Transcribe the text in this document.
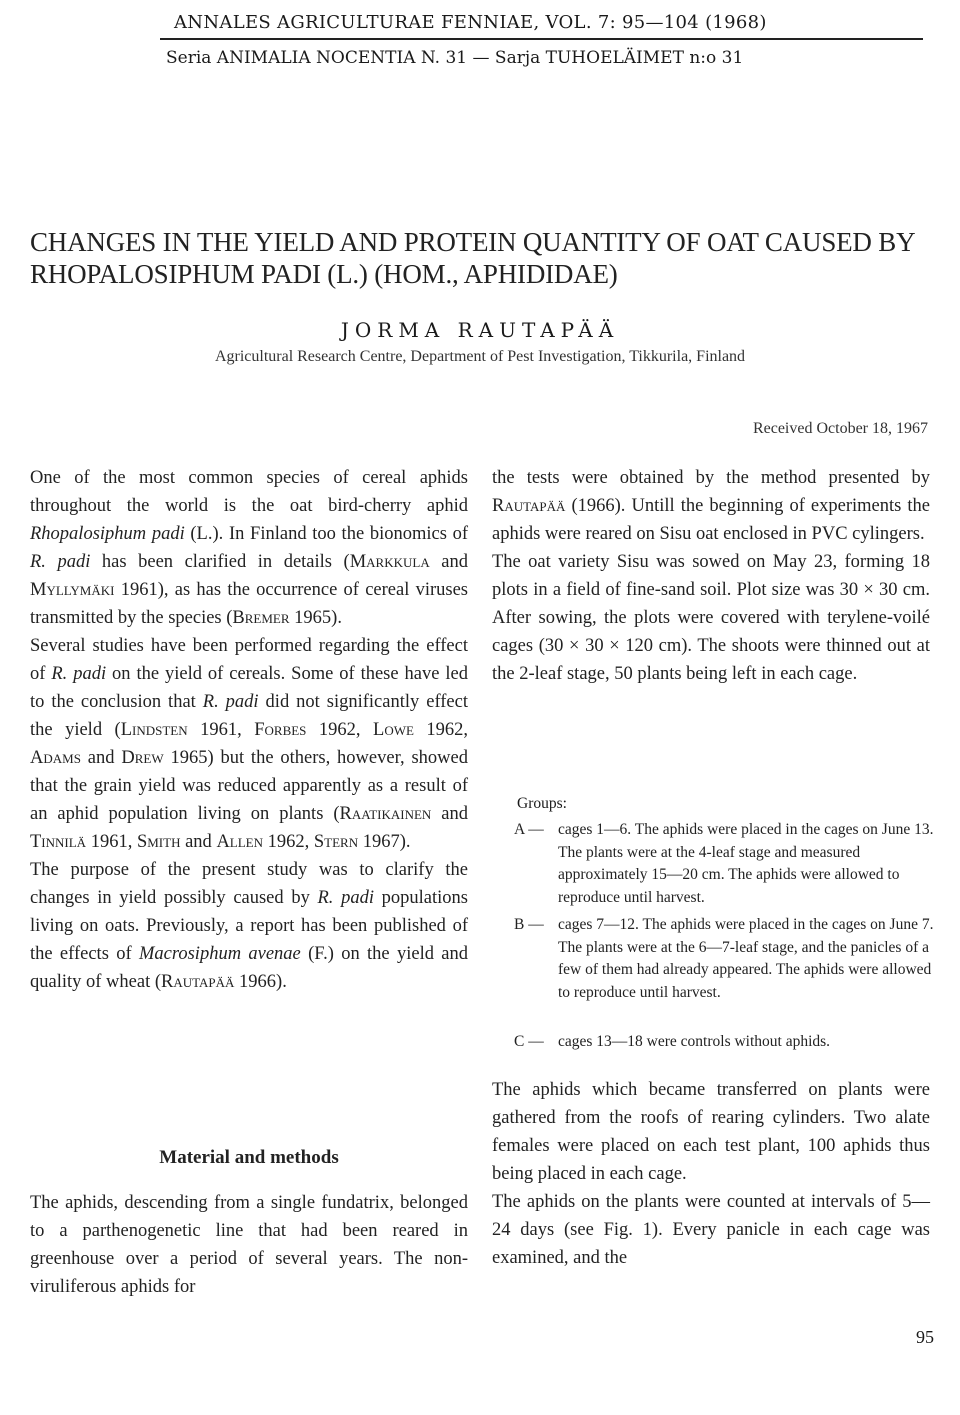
ANNALES AGRICULTURAE FENNIAE, VOL. 7: 95—104 (1968)
Seria ANIMALIA NOCENTIA N. 31 — Sarja TUHOELÄIMET n:o 31
CHANGES IN THE YIELD AND PROTEIN QUANTITY OF OAT CAUSED BY
RHOPALOSIPHUM PADI (L.) (HOM., APHIDIDAE)
JORMA RAUTAPÄÄ
Agricultural Research Centre, Department of Pest Investigation, Tikkurila, Finland
Received October 18, 1967

One of the most common species of cereal aphids throughout the world is the oat bird-cherry aphid Rhopalosiphum padi (L.). In Finland too the bionomics of R. padi has been clarified in details (Markkula and Myllymäki 1961), as has the occurrence of cereal viruses transmitted by the species (Bremer 1965).

Several studies have been performed regarding the effect of R. padi on the yield of cereals. Some of these have led to the conclusion that R. padi did not significantly effect the yield (Lindsten 1961, Forbes 1962, Lowe 1962, Adams and Drew 1965) but the others, however, showed that the grain yield was reduced apparently as a result of an aphid population living on plants (Raatikainen and Tinnilä 1961, Smith and Allen 1962, Stern 1967).

The purpose of the present study was to clarify the changes in yield possibly caused by R. padi populations living on oats. Previously, a report has been published of the effects of Macrosiphum avenae (F.) on the yield and quality of wheat (Rautapää 1966).

Material and methods

The aphids, descending from a single fundatrix, belonged to a parthenogenetic line that had been reared in greenhouse over a period of several years. The non-viruliferous aphids for

the tests were obtained by the method presented by Rautapää (1966). Untill the beginning of experiments the aphids were reared on Sisu oat enclosed in PVC cylingers.

The oat variety Sisu was sowed on May 23, forming 18 plots in a field of fine-sand soil. Plot size was 30 × 30 cm. After sowing, the plots were covered with terylene-voilé cages (30 × 30 × 120 cm). The shoots were thinned out at the 2-leaf stage, 50 plants being left in each cage.

Groups:
A — cages 1—6. The aphids were placed in the cages on June 13. The plants were at the 4-leaf stage and measured approximately 15—20 cm. The aphids were allowed to reproduce until harvest.
B — cages 7—12. The aphids were placed in the cages on June 7. The plants were at the 6—7-leaf stage, and the panicles of a few of them had already appeared. The aphids were allowed to reproduce until harvest.
C — cages 13—18 were controls without aphids.

The aphids which became transferred on plants were gathered from the roofs of rearing cylinders. Two alate females were placed on each test plant, 100 aphids thus being placed in each cage.

The aphids on the plants were counted at intervals of 5—24 days (see Fig. 1). Every panicle in each cage was examined, and the

95
